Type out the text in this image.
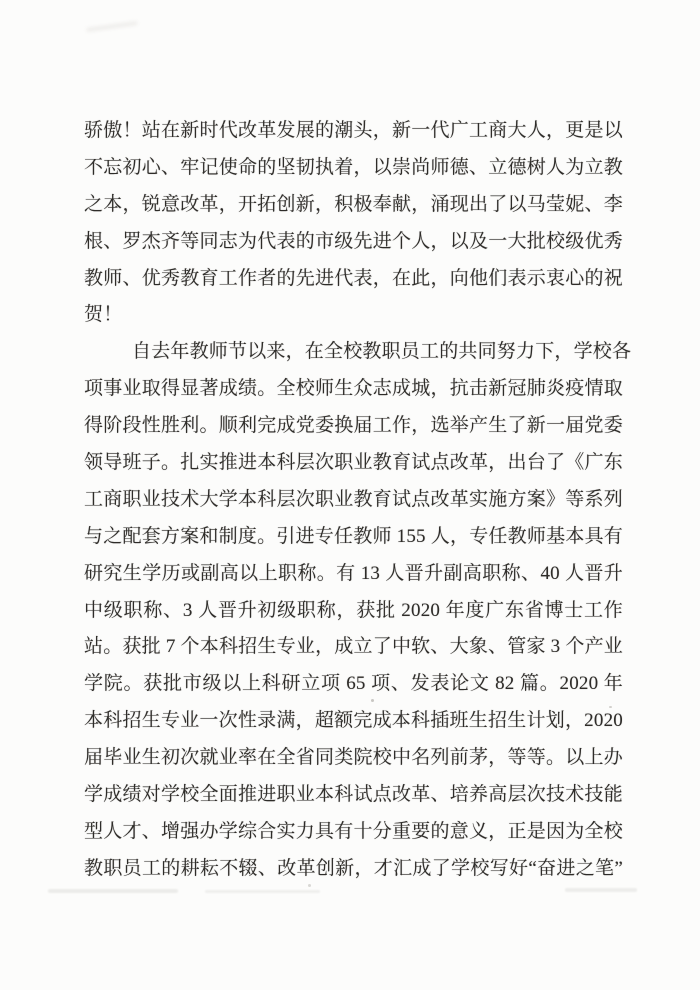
骄傲！站在新时代改革发展的潮头，新一代广工商大人，更是以
不忘初心、牢记使命的坚韧执着，以崇尚师德、立德树人为立教
之本，锐意改革，开拓创新，积极奉献，涌现出了以马莹妮、李
根、罗杰齐等同志为代表的市级先进个人，以及一大批校级优秀
教师、优秀教育工作者的先进代表，在此，向他们表示衷心的祝
贺！
自去年教师节以来，在全校教职员工的共同努力下，学校各
项事业取得显著成绩。全校师生众志成城，抗击新冠肺炎疫情取
得阶段性胜利。顺利完成党委换届工作，选举产生了新一届党委
领导班子。扎实推进本科层次职业教育试点改革，出台了《广东
工商职业技术大学本科层次职业教育试点改革实施方案》等系列
与之配套方案和制度。引进专任教师 155 人，专任教师基本具有
研究生学历或副高以上职称。有 13 人晋升副高职称、40 人晋升
中级职称、3 人晋升初级职称，获批 2020 年度广东省博士工作
站。获批 7 个本科招生专业，成立了中软、大象、管家 3 个产业
学院。获批市级以上科研立项 65 项、发表论文 82 篇。2020 年
本科招生专业一次性录满，超额完成本科插班生招生计划，2020
届毕业生初次就业率在全省同类院校中名列前茅，等等。以上办
学成绩对学校全面推进职业本科试点改革、培养高层次技术技能
型人才、增强办学综合实力具有十分重要的意义，正是因为全校
教职员工的耕耘不辍、改革创新，才汇成了学校写好“奋进之笔”
